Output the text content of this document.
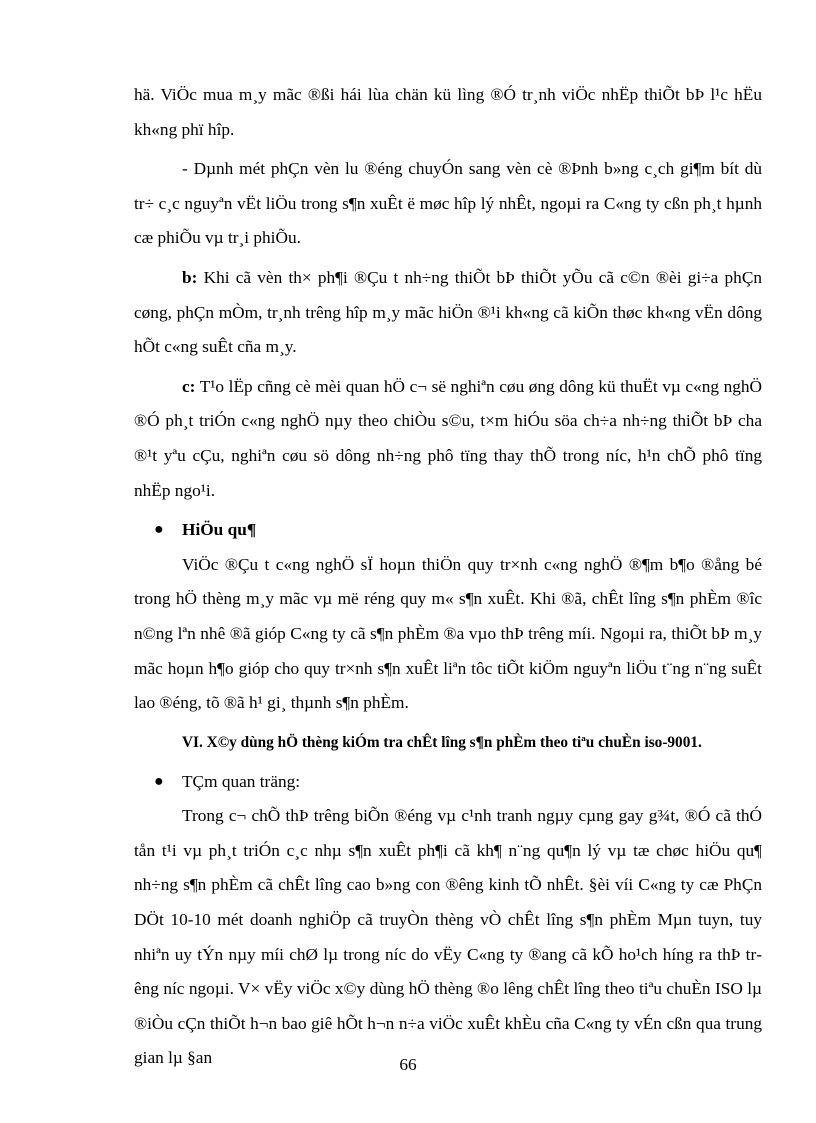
hä. ViÖc mua m¸y mãc ®ßi hái lùa chän kü lìng ®Ó tr¸nh viÖc nhËp thiÕt bÞ l¹c hËu kh«ng phï hîp.

- Dµnh mét phÇn vèn lu ®éng chuyÓn sang vèn cè ®Þnh b»ng c¸ch gi¶m bít dù tr÷ c¸c nguyªn vËt liÖu trong s¶n xuÊt ë møc hîp lý nhÊt, ngoµi ra C«ng ty cßn ph¸t hµnh cæ phiÕu vµ tr¸i phiÕu.

b: Khi cã vèn th× ph¶i ®Çu t nh÷ng thiÕt bÞ thiÕt yÕu cã c©n ®èi gi÷a phÇn cøng, phÇn mÒm, tr¸nh trêng hîp m¸y mãc hiÖn ®¹i kh«ng cã kiÕn thøc kh«ng vËn dông hÕt c«ng suÊt cña m¸y.

c: T¹o lËp cñng cè mèi quan hÖ c¬ së nghiªn cøu øng dông kü thuËt vµ c«ng nghÖ ®Ó ph¸t triÓn c«ng nghÖ nµy theo chiÒu s©u, t×m hiÓu söa ch÷a nh÷ng thiÕt bÞ cha ®¹t yªu cÇu, nghiªn cøu sö dông nh÷ng phô tïng thay thÕ trong níc, h¹n chÕ phô tïng nhËp ngo¹i.

● HiÖu qu¶

ViÖc ®Çu t c«ng nghÖ sÏ hoµn thiÖn quy tr×nh c«ng nghÖ ®¶m b¶o ®ång bé trong hÖ thèng m¸y mãc vµ më réng quy m« s¶n xuÊt. Khi ®ã, chÊt lîng s¶n phÈm ®îc n©ng lªn nhê ®ã gióp C«ng ty cã s¶n phÈm ®a vµo thÞ trêng míi. Ngoµi ra, thiÕt bÞ m¸y mãc hoµn h¶o gióp cho quy tr×nh s¶n xuÊt liªn tôc tiÕt kiÖm nguyªn liÖu t¨ng n¨ng suÊt lao ®éng, tõ ®ã h¹ gi¸ thµnh s¶n phÈm.

VI. X©y dùng hÖ thèng kiÓm tra chÊt lîng s¶n phÈm theo tiªu chuÈn iso-9001.
● TÇm quan träng:

Trong c¬ chÕ thÞ trêng biÕn ®éng vµ c¹nh tranh ngµy cµng gay g¾t, ®Ó cã thÓ tån t¹i vµ ph¸t triÓn c¸c nhµ s¶n xuÊt ph¶i cã kh¶ n¨ng qu¶n lý vµ tæ chøc hiÖu qu¶ nh÷ng s¶n phÈm cã chÊt lîng cao b»ng con ®êng kinh tÕ nhÊt. §èi víi C«ng ty cæ PhÇn DÖt 10-10 mét doanh nghiÖp cã truyÒn thèng vÒ chÊt lîng s¶n phÈm Mµn tuyn, tuy nhiªn uy tÝn nµy míi chØ lµ trong níc do vËy C«ng ty ®ang cã kÕ ho¹ch híng ra thÞ trêng níc ngoµi. V× vËy viÖc x©y dùng hÖ thèng ®o lêng chÊt lîng theo tiªu chuÈn ISO lµ ®iÒu cÇn thiÕt h¬n bao giê hÕt h¬n n÷a viÖc xuÊt khÈu cña C«ng ty vÉn cßn qua trung gian lµ §an	66
